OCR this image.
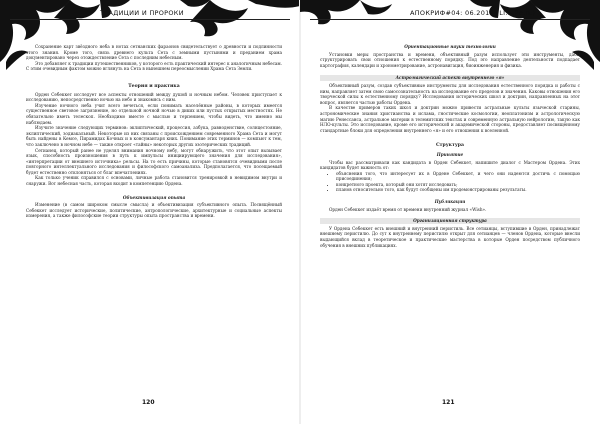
ТРАДИЦИИ И ПРОРОКИ

Сохранение карт звёздного неба в нотах сетнанских фараонов свидетельствует о древности и подлинности этого знания. Кроме того, связь древнего культа Сета с земными пустынями и преданием храма документировано через отождествление Сета с последним небесным.

Это добавляет к традиции путешественников, у которого есть практический интерес к аналогичным небесам. С этим очевидным фактом можно вглянуть на Сета в нынешнем переосмыслении Храма Сета Земли.

Теория и практика

Орден Себеккет исследует все аспекты отношений между душой и ночным небом. Человек приступает к исследованию, непосредственно ночью на небо и знакомясь с ним.

Изучение ночного неба учит всего вечеться, если понимать населённые районы, в которых имеется существенное световое загрязнение, но отдельной ночной ночью в диких или пустых открытых местностях. Не обязательно иметь телескоп. Необходимо вместе с мыслью и терпением, чтобы видеть, что именно мы наблюдаем.

Изучите значение следующих терминов: эклиптический, процессия, азбука, равноденствие, солнцестояние, эклиптический, зодиакальный. Некоторые из них связаны с происхождением современного Храма Сета и могут быть найдены в Кемсе, Пирамидах Кочных и в консумантаря кних. Понимание этих терминов — компьют к тем, что заключено в ночном небе — также откроет «тайны» некоторых других эзотерических традиций.

Сетианец, который ранее не уделял внимания ночному небу, могут обнаружить, что этот опыт вызывает язык, способность произношения в путь к импульсы инициирующего значения для исследования», «интерпретации от внешнего источника» рельсы. На то есть причины, которые становятся очевидными после повторного интеллектуального исследования и философского самоанализа. Предполагается, что посещаемый будет естественно отклоняться от благ впечатлениях.

Как только ученик справился с основами, личные работа становится тренировкой в невидимом внутри и снаружи. Вот небесная часть, которая входит в компетенцию Ордена.

Объективизация опыта

Изменение (в самом широком смысле смысла) и объективизация субъективного опыта. Посвящённый Себеккет исследует исторические, политические, антропологические, архитектурные и социальные аспекты измерения, а также философские теории структуры опыта пространства и времени.

120
АПОКРИФ#04: 06.2016 (LI.5.2e.n.)
Ориентационные науки технологии

Установки меры пространства и времени, объективный разум использует эти инструменты, дабы структурировать свои отношения к естественному порядку. Под это направление деятельности подпадает картография, календари и хронометрирование, астронавигация, биоинженерия и физика.

Астромагический аспект внутреннего «я»

Объективный разум, создав субъективные инструменты для исследования естественного порядка и работы с ним, направляет затем свою самосознательность на исследование его пределов и значения. Каковы отношения его творческой силы к естественному порядку? Исследования исторических школ и доктрин, направленных на этот вопрос, является частью работы Ордена.

В качестве примеров таких школ и доктрин можно привести астральные культы языческой старины, астрономические знания христианства и ислама, гностические космологии, неоплатонизм и астрологическую магию Ренессанса, астральное материи в телемитских текстах и современную астральную нейрологию, такую как НЛО-культы. Это исследование, кроме его исторической и академической стороны, предоставляет посвящённому стандартные блоки для определения внутреннего «я» и его отношения к вселенной.

Структура
Принятие

Чтобы вас рассматривали как кандидата в Орден Себеккет, напишите диалог с Мастером Ордена. Этих кандидатов будет важность от:

• объяснения того, что интересует их в Ордене Себеккет, и чего они надеются достичь с помощью присоединения;
• конкретного проекта, который они хотят исследовать;
• планов относительно того, как будут сообщены им продемонстрированы результаты.
Публикации

Орден Себеккет издаёт время от времени внутренний журнал «Wish».

Организационная структура

У Ордена Себеккет есть внешний и внутренний перистиль. Все сетианцы, вступившие в Орден, принадлежат внешнему перистилю. До сут к внутреннему перистилю открыт для сетианцев — членов Ордена, которые внесли выдающийся вклад в теоретическое и практические мастерства в которые Орден посредством публичного обучения в внешних публикациях.

121
